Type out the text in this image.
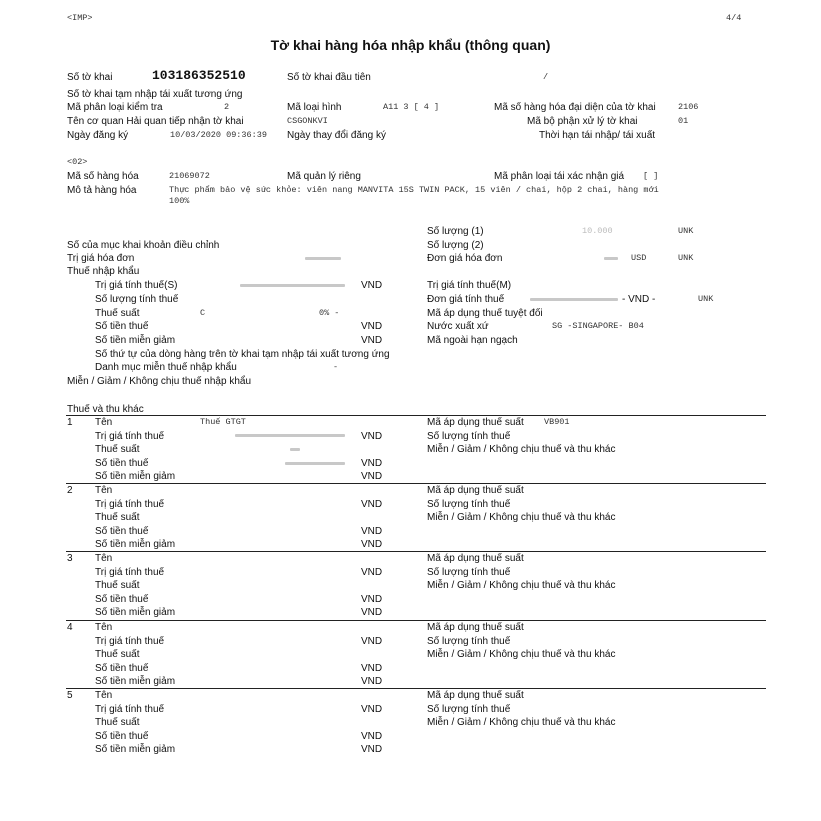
<IMP>	4/4
Tờ khai hàng hóa nhập khẩu (thông quan)
Số tờ khai	103186352510	Số tờ khai đầu tiên	/
Số tờ khai tạm nhập tái xuất tương ứng
Mã phân loại kiểm tra	2	Mã loại hình	A11 3 [ 4 ]	Mã số hàng hóa đại diện của tờ khai	2106
Tên cơ quan Hải quan tiếp nhận tờ khai	CSGONKVI	Mã bộ phận xử lý tờ khai	01
Ngày đăng ký	10/03/2020 09:36:39 Ngày thay đổi đăng ký	Thời hạn tái nhập/ tái xuất
<02>
Mã số hàng hóa	21069072	Mã quản lý riêng	Mã phân loại tái xác nhận giá [ ]
Mô tả hàng hóa	Thực phẩm bảo vệ sức khỏe: viên nang MANVITA 15S TWIN PACK, 15 viên / chai, hộp 2 chai, hàng mới
100%
Số lượng (1)	10.000	UNK
Số của mục khai khoản điều chỉnh	Số lượng (2)
Trị giá hóa đơn	Đơn giá hóa đơn	USD	UNK
Thuế nhập khẩu
Trị giá tính thuế(S)	VND	Trị giá tính thuế(M)
Số lượng tính thuế	Đơn giá tính thuế	- VND -	UNK
Thuế suất	C	0% -	Mã áp dụng thuế tuyệt đối
Số tiền thuế	VND	Nước xuất xứ	SG -SINGAPORE- B04
Số tiền miễn giảm	VND	Mã ngoài hạn ngạch
Số thứ tự của dòng hàng trên tờ khai tạm nhập tái xuất tương ứng
Danh mục miễn thuế nhập khẩu	-
Miễn / Giảm / Không chịu thuế nhập khẩu
Thuế và thu khác
1 Tên	Thuế GTGT	Mã áp dụng thuế suất VB901
Trị giá tính thuế	VND	Số lượng tính thuế
Thuế suất	Miễn / Giảm / Không chịu thuế và thu khác
Số tiền thuế	VND
Số tiền miễn giảm	VND
2 Tên	Mã áp dụng thuế suất
Trị giá tính thuế	VND	Số lượng tính thuế
Thuế suất	Miễn / Giảm / Không chịu thuế và thu khác
Số tiền thuế	VND
Số tiền miễn giảm	VND
3 Tên	Mã áp dụng thuế suất
Trị giá tính thuế	VND	Số lượng tính thuế
Thuế suất	Miễn / Giảm / Không chịu thuế và thu khác
Số tiền thuế	VND
Số tiền miễn giảm	VND
4 Tên	Mã áp dụng thuế suất
Trị giá tính thuế	VND	Số lượng tính thuế
Thuế suất	Miễn / Giảm / Không chịu thuế và thu khác
Số tiền thuế	VND
Số tiền miễn giảm	VND
5 Tên	Mã áp dụng thuế suất
Trị giá tính thuế	VND	Số lượng tính thuế
Thuế suất	Miễn / Giảm / Không chịu thuế và thu khác
Số tiền thuế	VND
Số tiền miễn giảm	VND
